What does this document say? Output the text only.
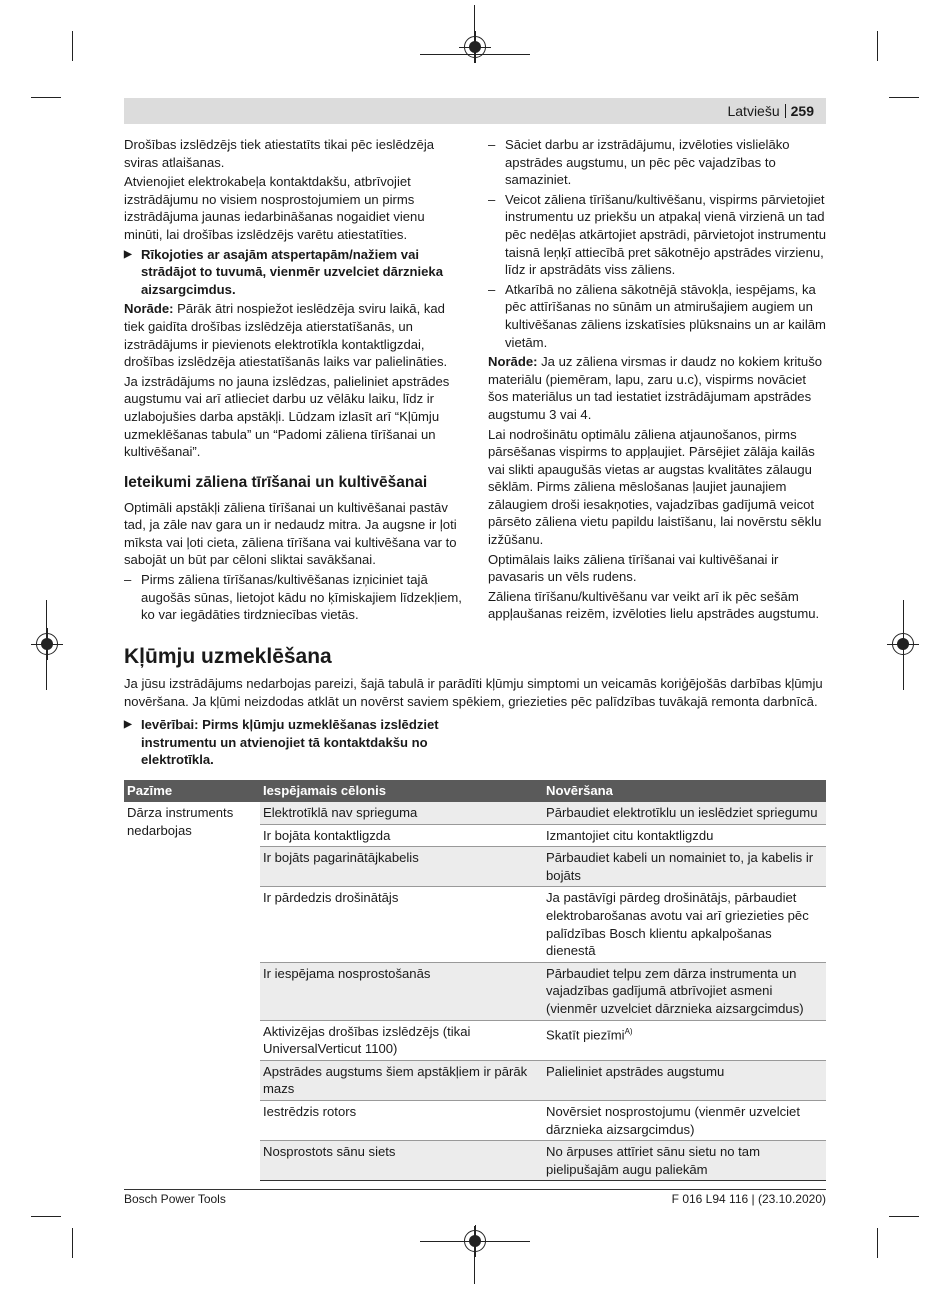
Latviešu 259

Drošības izslēdzējs tiek atiestatīts tikai pēc ieslēdzēja sviras atlaišanas.

Atvienojiet elektrokabeļa kontaktdakšu, atbrīvojiet izstrādājumu no visiem nosprostojumiem un pirms izstrādājuma jaunas iedarbināšanas nogaidiet vienu minūti, lai drošības izslēdzējs varētu atiestatīties.

▶ Rīkojoties ar asajām atspertapām/nažiem vai strādājot to tuvumā, vienmēr uzvelciet dārznieka aizsargcimdus.

Norāde: Pārāk ātri nospiežot ieslēdzēja sviru laikā, kad tiek gaidīta drošības izslēdzēja atierstatīšanās, un izstrādājums ir pievienots elektrotīkla kontaktligzdai, drošības izslēdzēja atiestatīšanās laiks var palielināties.

Ja izstrādājums no jauna izslēdzas, palieliniet apstrādes augstumu vai arī atlieciet darbu uz vēlāku laiku, līdz ir uzlabojušies darba apstākļi. Lūdzam izlasīt arī “Kļūmju uzmeklēšanas tabula” un “Padomi zāliena tīrīšanai un kultivēšanai”.

Ieteikumi zāliena tīrīšanai un kultivēšanai

Optimāli apstākļi zāliena tīrīšanai un kultivēšanai pastāv tad, ja zāle nav gara un ir nedaudz mitra. Ja augsne ir ļoti mīksta vai ļoti cieta, zāliena tīrīšana vai kultivēšana var to sabojāt un būt par cēloni sliktai savākšanai.

– Pirms zāliena tīrīšanas/kultivēšanas izņiciniet tajā augošās sūnas, lietojot kādu no ķīmiskajiem līdzekļiem, ko var iegādāties tirdzniecības vietās.
– Sāciet darbu ar izstrādājumu, izvēloties vislielāko apstrādes augstumu, un pēc pēc vajadzības to samaziniet.
– Veicot zāliena tīrīšanu/kultivēšanu, vispirms pārvietojiet instrumentu uz priekšu un atpakaļ vienā virzienā un tad pēc nedēļas atkārtojiet apstrādi, pārvietojot instrumentu taisnā leņķī attiecībā pret sākotnējo apstrādes virzienu, līdz ir apstrādāts viss zāliens.
– Atkarībā no zāliena sākotnējā stāvokļa, iespējams, ka pēc attīrīšanas no sūnām un atmirušajiem augiem un kultivēšanas zāliens izskatīsies plūksnains un ar kailām vietām.

Norāde: Ja uz zāliena virsmas ir daudz no kokiem kritušo materiālu (piemēram, lapu, zaru u.c), vispirms novāciet šos materiālus un tad iestatiet izstrādājumam apstrādes augstumu 3 vai 4.

Lai nodrošinātu optimālu zāliena atjaunošanos, pirms pārsēšanas vispirms to appļaujiet. Pārsējiet zālāja kailās vai slikti apaugušās vietas ar augstas kvalitātes zālaugu sēklām. Pirms zāliena mēslošanas ļaujiet jaunajiem zālaugiem droši iesakņoties, vajadzības gadījumā veicot pārsēto zāliena vietu papildu laistīšanu, lai novērstu sēklu izžūšanu.

Optimālais laiks zāliena tīrīšanai vai kultivēšanai ir pavasaris un vēls rudens.

Zāliena tīrīšanu/kultivēšanu var veikt arī ik pēc sešām appļaušanas reizēm, izvēloties lielu apstrādes augstumu.

Kļūmju uzmeklēšana
Ja jūsu izstrādājums nedarbojas pareizi, šajā tabulā ir parādīti kļūmju simptomi un veicamās koriģējošās darbības kļūmju novēršana. Ja kļūmi neizdodas atklāt un novērst saviem spēkiem, griezieties pēc palīdzības tuvākajā remonta darbnīcā.
▶ Ievērībai: Pirms kļūmju uzmeklēšanas izslēdziet instrumentu un atvienojiet tā kontaktdakšu no elektrotīkla.
Pazīme	Iespējamais cēlonis	Novēršana
Dārza instruments nedarbojas	Elektrotīklā nav sprieguma	Pārbaudiet elektrotīklu un ieslēdziet spriegumu
	Ir bojāta kontaktligzda	Izmantojiet citu kontaktligzdu
	Ir bojāts pagarinātājkabelis	Pārbaudiet kabeli un nomainiet to, ja kabelis ir bojāts
	Ir pārdedzis drošinātājs	Ja pastāvīgi pārdeg drošinātājs, pārbaudiet elektrobarošanas avotu vai arī griezieties pēc palīdzības Bosch klientu apkalpošanas dienestā
	Ir iespējama nosprostošanās	Pārbaudiet telpu zem dārza instrumenta un vajadzības gadījumā atbrīvojiet asmeni (vienmēr uzvelciet dārznieka aizsargcimdus)
	Aktivizējas drošības izslēdzējs (tikai UniversalVerticut 1100)	Skatīt piezīmi$^{A)}$
	Apstrādes augstums šiem apstākļiem ir pārāk mazs	Palieliniet apstrādes augstumu
	Iestrēdzis rotors	Novērsiet nosprostojumu (vienmēr uzvelciet dārznieka aizsargcimdus)
	Nosprostots sānu siets	No ārpuses attīriet sānu sietu no tam pielipušajām augu paliekām
Bosch Power Tools	F 016 L94 116 | (23.10.2020)
